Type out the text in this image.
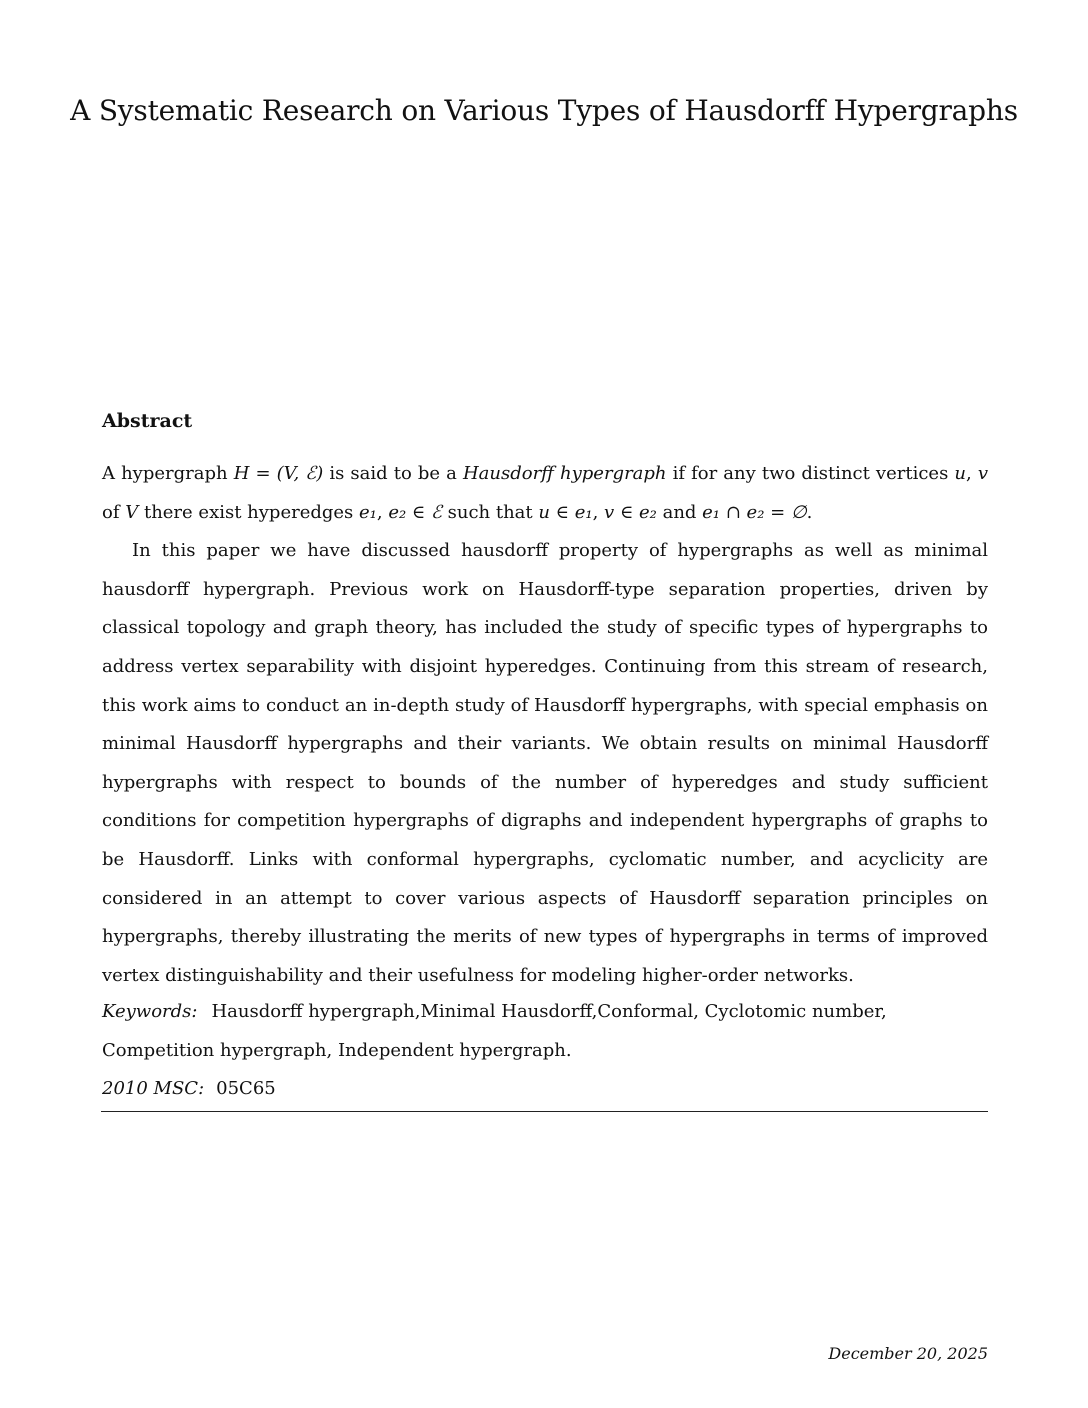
A Systematic Research on Various Types of Hausdorff Hypergraphs
Abstract

A hypergraph H = (V, ℰ) is said to be a Hausdorff hypergraph if for any two distinct vertices u, v of V there exist hyperedges e₁, e₂ ∈ ℰ such that u ∈ e₁, v ∈ e₂ and e₁ ∩ e₂ = ∅.

In this paper we have discussed hausdorff property of hypergraphs as well as minimal hausdorff hypergraph. Previous work on Hausdorff-type separation properties, driven by classical topology and graph theory, has included the study of specific types of hypergraphs to address vertex separability with disjoint hyperedges. Continuing from this stream of research, this work aims to conduct an in-depth study of Hausdorff hypergraphs, with special emphasis on minimal Hausdorff hypergraphs and their variants. We obtain results on minimal Hausdorff hypergraphs with respect to bounds of the number of hyperedges and study sufficient conditions for competition hypergraphs of digraphs and independent hypergraphs of graphs to be Hausdorff. Links with conformal hypergraphs, cyclomatic number, and acyclicity are considered in an attempt to cover various aspects of Hausdorff separation principles on hypergraphs, thereby illustrating the merits of new types of hypergraphs in terms of improved vertex distinguishability and their usefulness for modeling higher-order networks.

Keywords: Hausdorff hypergraph,Minimal Hausdorff,Conformal, Cyclotomic number,
Competition hypergraph, Independent hypergraph.
2010 MSC: 05C65

December 20, 2025
